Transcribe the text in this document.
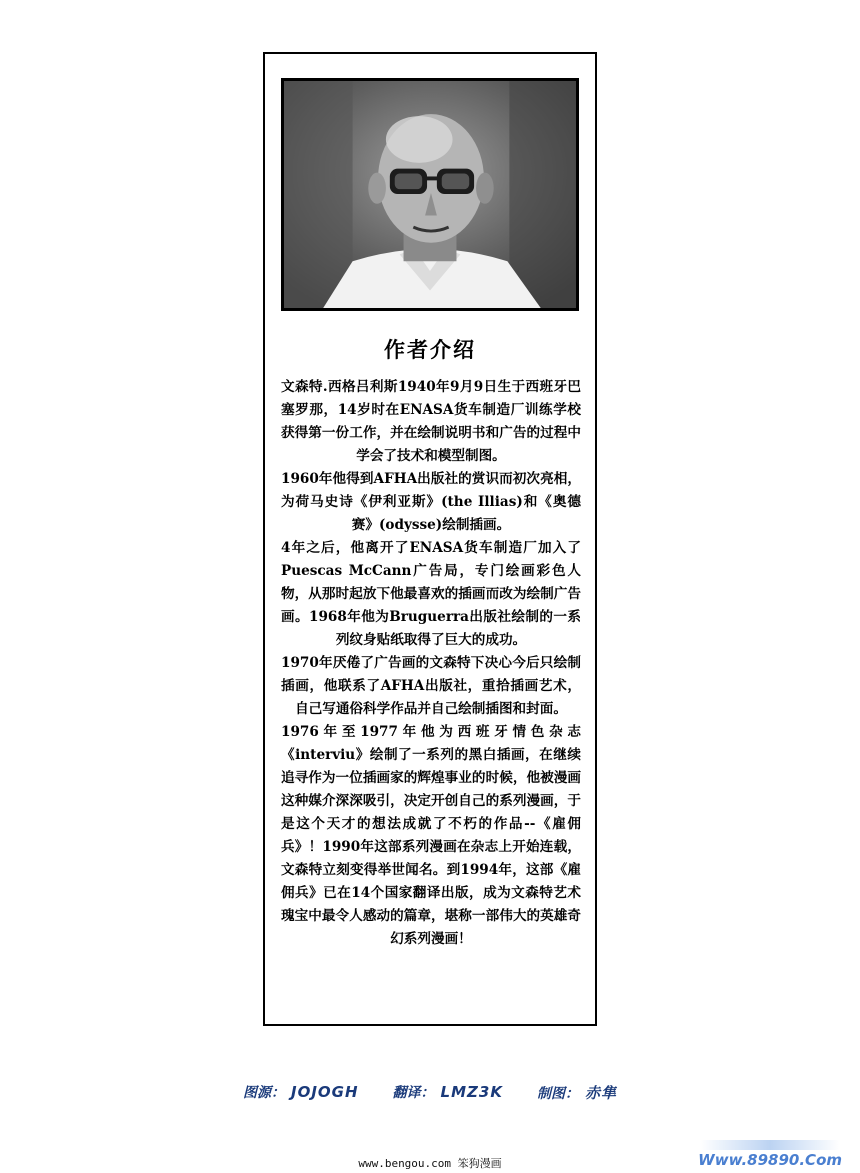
作者介绍

文森特.西格吕利斯1940年9月9日生于西班牙巴塞罗那，14岁时在ENASA货车制造厂训练学校获得第一份工作，并在绘制说明书和广告的过程中学会了技术和模型制图。

1960年他得到AFHA出版社的赏识而初次亮相，为荷马史诗《伊利亚斯》(the Illias)和《奥德赛》(odysse)绘制插画。

4年之后，他离开了ENASA货车制造厂加入了Puescas McCann广告局，专门绘画彩色人物，从那时起放下他最喜欢的插画而改为绘制广告画。1968年他为Bruguerra出版社绘制的一系列纹身贴纸取得了巨大的成功。

1970年厌倦了广告画的文森特下决心今后只绘制插画，他联系了AFHA出版社，重拾插画艺术，自己写通俗科学作品并自己绘制插图和封面。

1976年至1977年他为西班牙情色杂志《interviu》绘制了一系列的黑白插画，在继续追寻作为一位插画家的辉煌事业的时候，他被漫画这种媒介深深吸引，决定开创自己的系列漫画，于是这个天才的想法成就了不朽的作品--《雇佣兵》！1990年这部系列漫画在杂志上开始连载，文森特立刻变得举世闻名。到1994年，这部《雇佣兵》已在14个国家翻译出版，成为文森特艺术瑰宝中最令人感动的篇章，堪称一部伟大的英雄奇幻系列漫画！

图源： JOJOGH 翻译： LMZ3K 制图： 赤隼
www.bengou.com 笨狗漫画	Www.89890.Com
